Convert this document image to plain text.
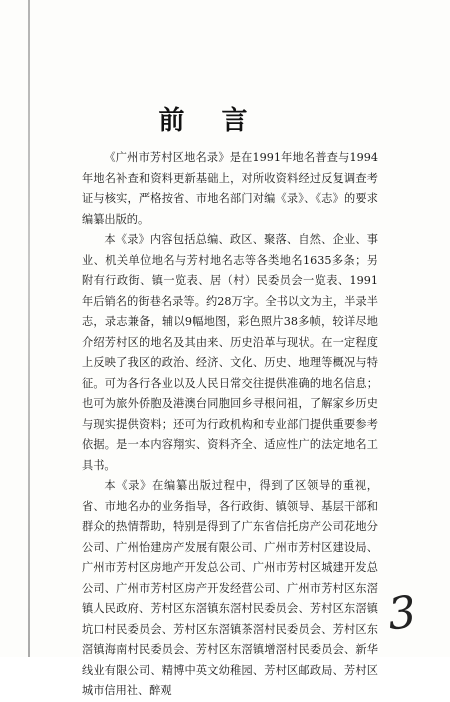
前 言

《广州市芳村区地名录》是在1991年地名普查与1994年地名补查和资料更新基础上，对所收资料经过反复调查考证与核实，严格按省、市地名部门对编《录》、《志》的要求编纂出版的。

本《录》内容包括总编、政区、聚落、自然、企业、事业、机关单位地名与芳村地名志等各类地名1635多条；另附有行政街、镇一览表、居（村）民委员会一览表、1991年后销名的街巷名录等。约28万字。全书以文为主，半录半志，录志兼备，辅以9幅地图，彩色照片38多帧，较详尽地介绍芳村区的地名及其由来、历史沿革与现状。在一定程度上反映了我区的政治、经济、文化、历史、地理等概况与特征。可为各行各业以及人民日常交往提供准确的地名信息；也可为旅外侨胞及港澳台同胞回乡寻根问祖，了解家乡历史与现实提供资料；还可为行政机构和专业部门提供重要参考依据。是一本内容翔实、资料齐全、适应性广的法定地名工具书。

本《录》在编纂出版过程中，得到了区领导的重视，省、市地名办的业务指导，各行政街、镇领导、基层干部和群众的热情帮助，特别是得到了广东省信托房产公司花地分公司、广州怡建房产发展有限公司、广州市芳村区建设局、广州市芳村区房地产开发总公司、广州市芳村区城建开发总公司、广州市芳村区房产开发经营公司、广州市芳村区东滘镇人民政府、芳村区东滘镇东滘村民委员会、芳村区东滘镇坑口村民委员会、芳村区东滘镇茶滘村民委员会、芳村区东滘镇海南村民委员会、芳村区东滘镇增滘村民委员会、新华线业有限公司、精博中英文幼稚园、芳村区邮政局、芳村区城市信用社、醉观

3
